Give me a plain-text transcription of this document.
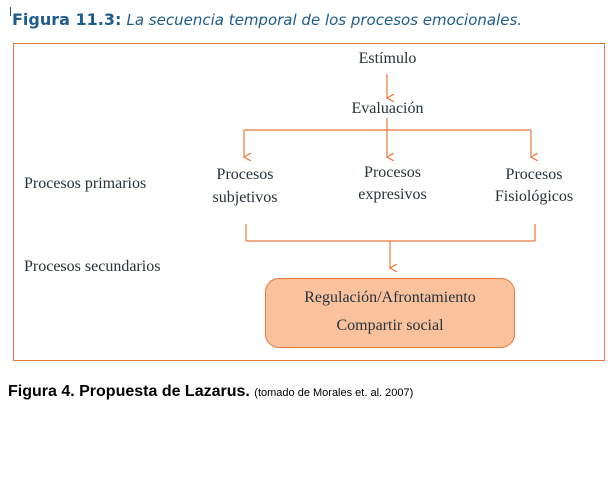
Figura 11.3: La secuencia temporal de los procesos emocionales.
Estímulo
Evaluación
Procesos primarios
Procesos secundarios
Procesos
subjetivos
Procesos
expresivos
Procesos
Fisiológicos
Regulación/Afrontamiento
Compartir social
Figura 4. Propuesta de Lazarus. (tomado de Morales et. al. 2007)
